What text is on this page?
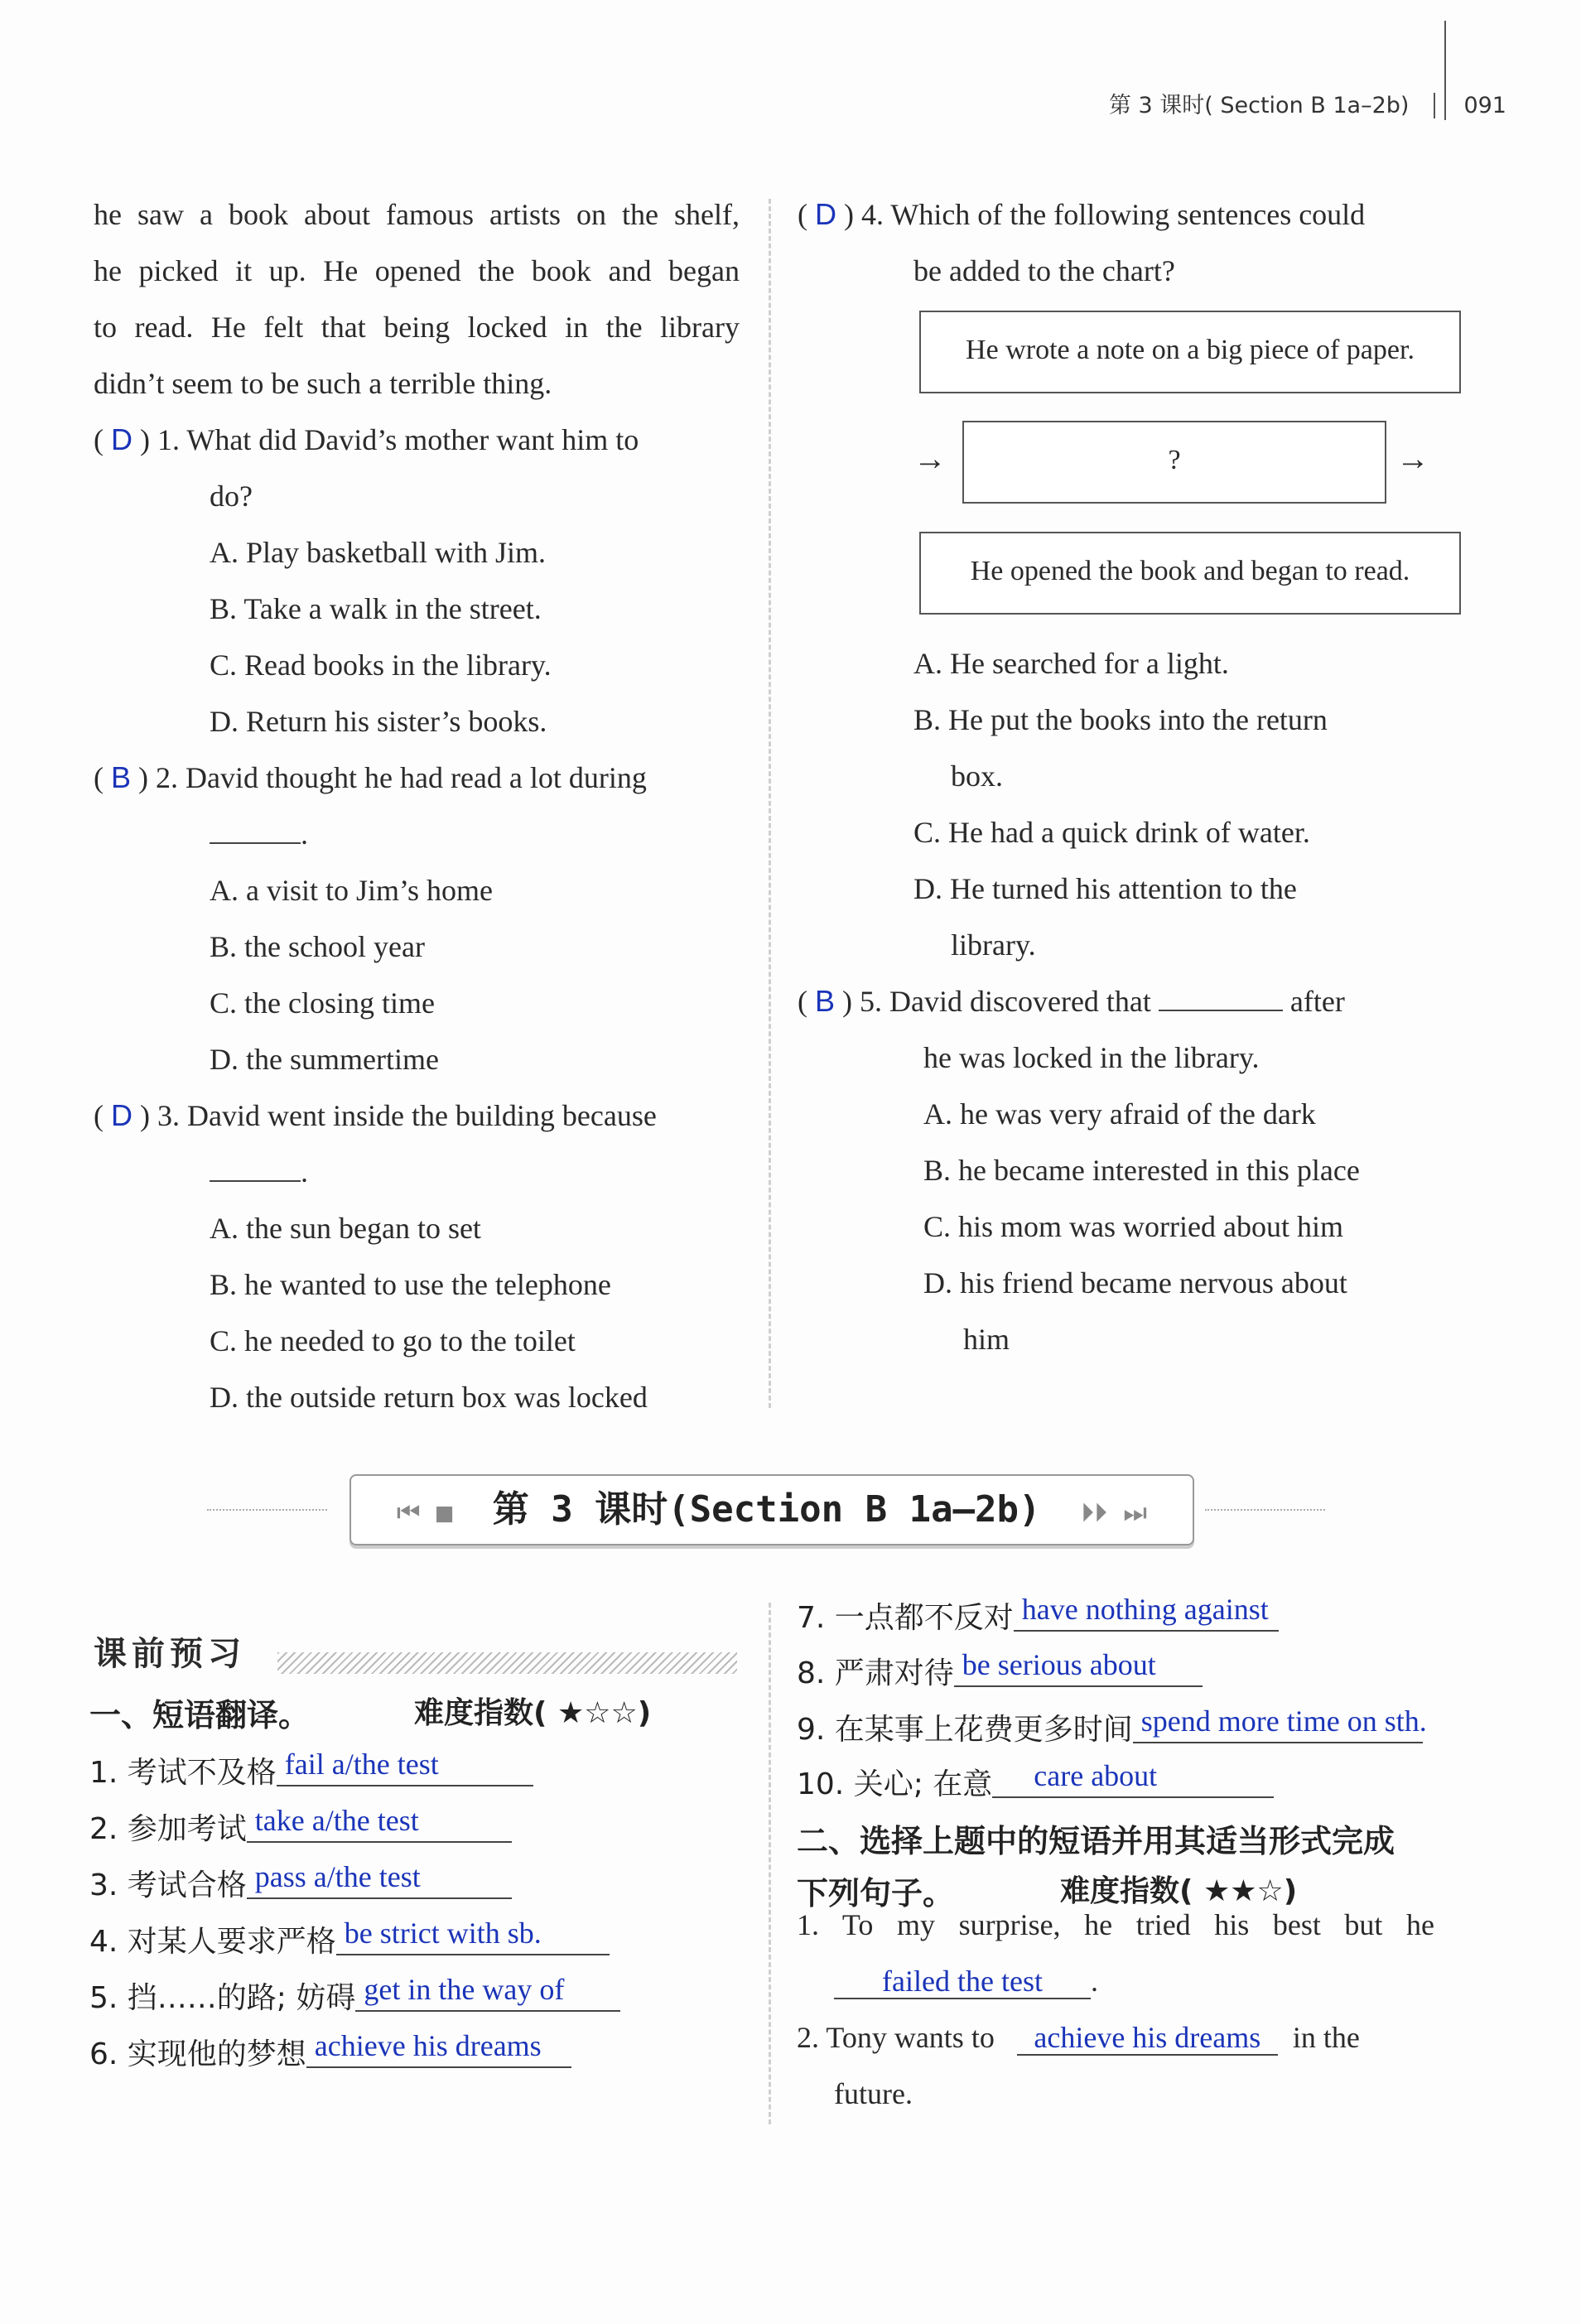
第 3 课时( Section B 1a–2b) 091
he saw a book about famous artists on the shelf,
he picked it up. He opened the book and began
to read. He felt that being locked in the library
didn’t seem to be such a terrible thing.
( D ) 1. What did David’s mother want him to
do?
A. Play basketball with Jim.
B. Take a walk in the street.
C. Read books in the library.
D. Return his sister’s books.
( B ) 2. David thought he had read a lot during
.
A. a visit to Jim’s home
B. the school year
C. the closing time
D. the summertime
( D ) 3. David went inside the building because
.
A. the sun began to set
B. he wanted to use the telephone
C. he needed to go to the toilet
D. the outside return box was locked
( D ) 4. Which of the following sentences could
be added to the chart?
A. He searched for a light.
B. He put the books into the return
box.
C. He had a quick drink of water.
D. He turned his attention to the
library.
( B ) 5. David discovered that	after
he was locked in the library.
A. he was very afraid of the dark
B. he became interested in this place
C. his mom was worried about him
D. his friend became nervous about
him
He wrote a note on a big piece of paper.
→	?	→
He opened the book and began to read.
⏮ ■ 第 3 课时(Section B 1a–2b) ⏵⏵ ⏭
课前预习
一、短语翻译。	难度指数( ★☆☆)
1. 考试不及格 fail a/the test
2. 参加考试 take a/the test
3. 考试合格 pass a/the test
4. 对某人要求严格 be strict with sb.
5. 挡……的路; 妨碍 get in the way of
6. 实现他的梦想 achieve his dreams
7. 一点都不反对 have nothing against
8. 严肃对待 be serious about
9. 在某事上花费更多时间 spend more time on sth.
10. 关心; 在意 care about
二、选择上题中的短语并用其适当形式完成
下列句子。	难度指数( ★★☆)
1. To my surprise, he tried his best but he
failed the test .
2. Tony wants to achieve his dreams in the
future.
